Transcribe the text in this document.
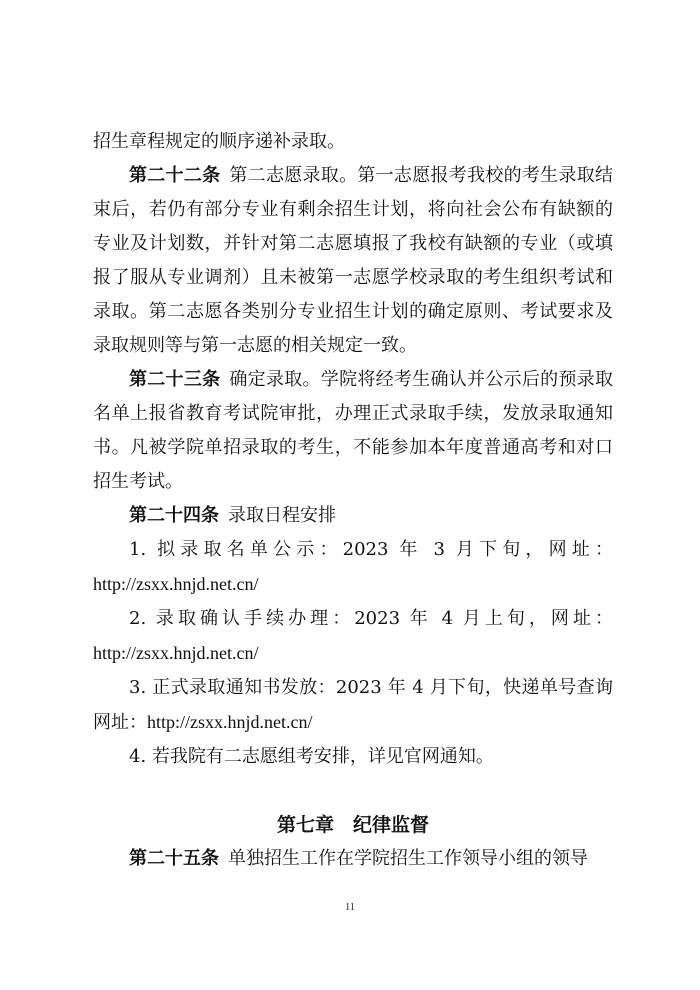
招生章程规定的顺序递补录取。

第二十二条 第二志愿录取。第一志愿报考我校的考生录取结束后，若仍有部分专业有剩余招生计划，将向社会公布有缺额的专业及计划数，并针对第二志愿填报了我校有缺额的专业（或填报了服从专业调剂）且未被第一志愿学校录取的考生组织考试和录取。第二志愿各类别分专业招生计划的确定原则、考试要求及录取规则等与第一志愿的相关规定一致。

第二十三条 确定录取。学院将经考生确认并公示后的预录取名单上报省教育考试院审批，办理正式录取手续，发放录取通知书。凡被学院单招录取的考生，不能参加本年度普通高考和对口招生考试。

第二十四条 录取日程安排

1. 拟录取名单公示：2023 年 3 月下旬，网址：http://zsxx.hnjd.net.cn/

2. 录取确认手续办理：2023 年 4 月上旬，网址：http://zsxx.hnjd.net.cn/

3. 正式录取通知书发放：2023 年 4 月下旬，快递单号查询网址：http://zsxx.hnjd.net.cn/

4. 若我院有二志愿组考安排，详见官网通知。

第七章　纪律监督

第二十五条 单独招生工作在学院招生工作领导小组的领导

11
